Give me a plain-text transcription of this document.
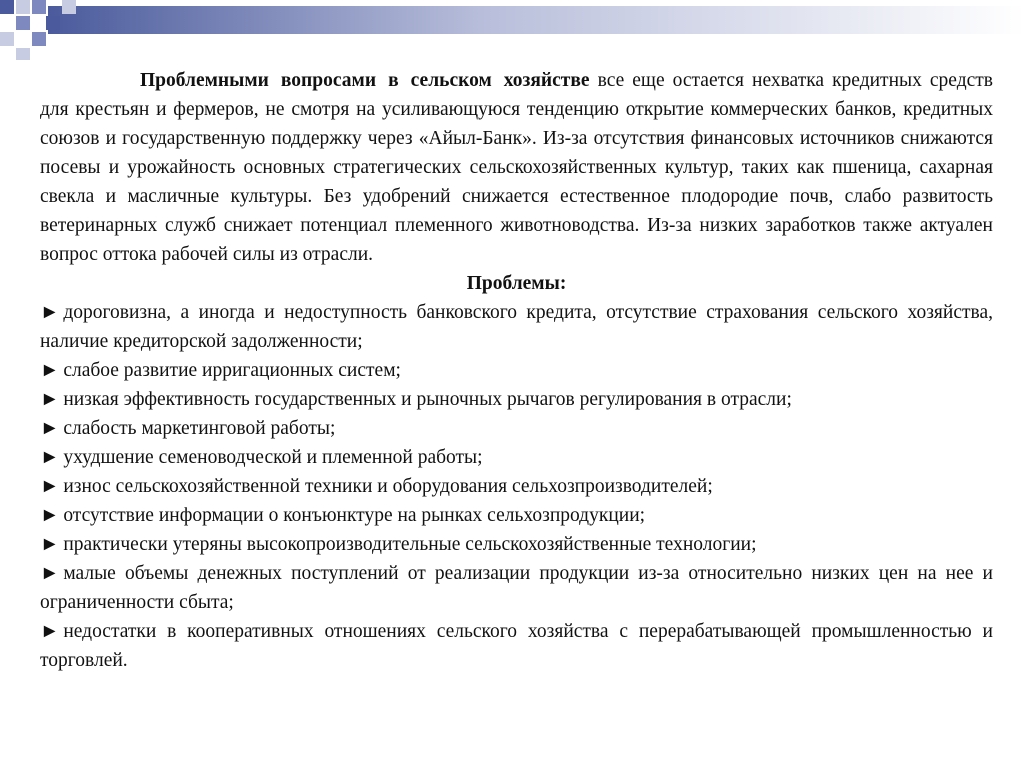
Проблемными вопросами в сельском хозяйстве все еще остается нехватка кредитных средств для крестьян и фермеров, не смотря на усиливающуюся тенденцию открытие коммерческих банков, кредитных союзов и государственную поддержку через «Айыл-Банк». Из-за отсутствия финансовых источников снижаются посевы и урожайность основных стратегических сельскохозяйственных культур, таких как пшеница, сахарная свекла и масличные культуры. Без удобрений снижается естественное плодородие почв, слабо развитость ветеринарных служб снижает потенциал племенного животноводства. Из-за низких заработков также актуален вопрос оттока рабочей силы из отрасли.

Проблемы:

► дороговизна, а иногда и недоступность банковского кредита, отсутствие страхования сельского хозяйства, наличие кредиторской задолженности;
► слабое развитие ирригационных систем;
► низкая эффективность государственных и рыночных рычагов регулирования в отрасли;
► слабость маркетинговой работы;
► ухудшение семеноводческой и племенной работы;
► износ сельскохозяйственной техники и оборудования сельхозпроизводителей;
► отсутствие информации о конъюнктуре на рынках сельхозпродукции;
► практически утеряны высокопроизводительные сельскохозяйственные технологии;
► малые объемы денежных поступлений от реализации продукции из-за относительно низких цен на нее и ограниченности сбыта;
► недостатки в кооперативных отношениях сельского хозяйства с перерабатывающей промышленностью и торговлей.
